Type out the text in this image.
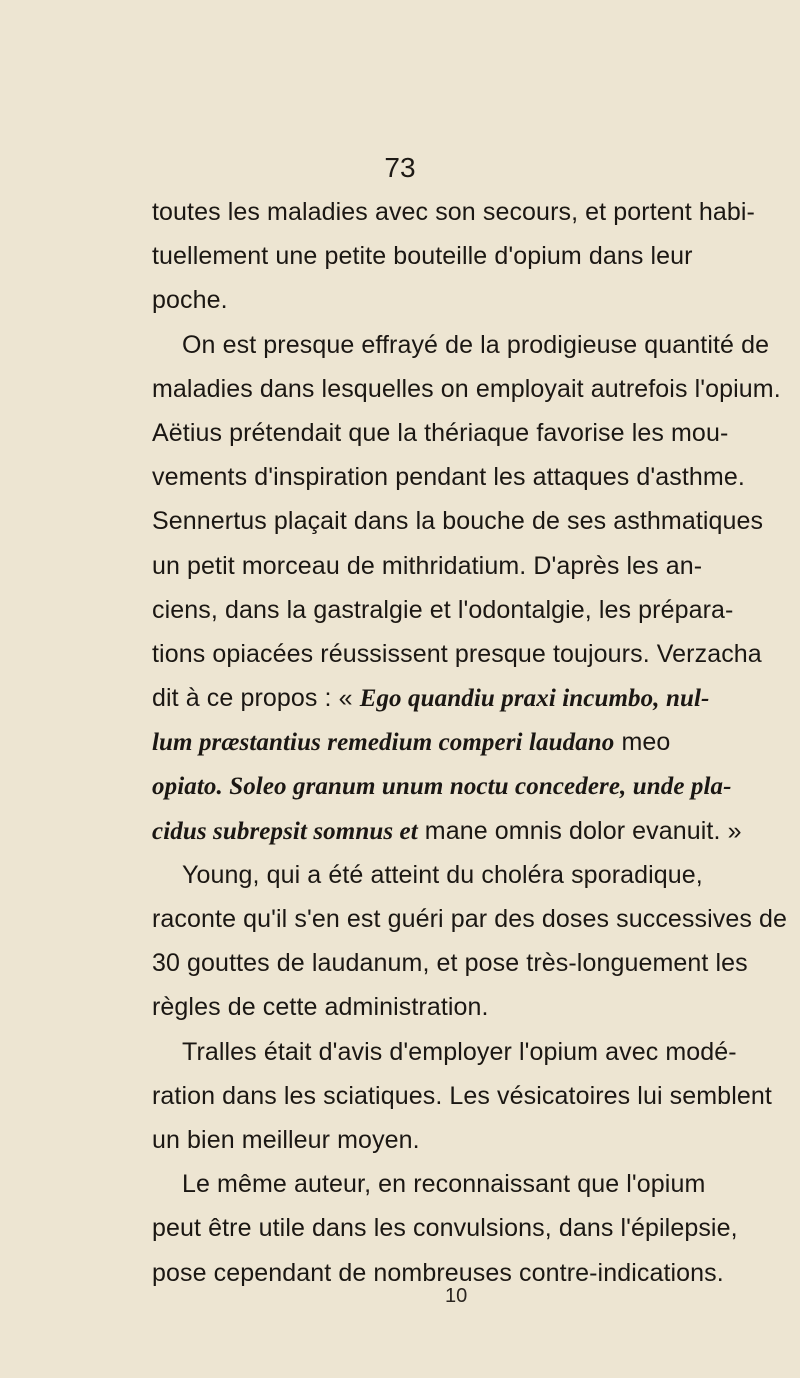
73
toutes les maladies avec son secours, et portent habi-
tuellement une petite bouteille d'opium dans leur
poche.
On est presque effrayé de la prodigieuse quantité de
maladies dans lesquelles on employait autrefois l'opium.
Aëtius prétendait que la thériaque favorise les mou-
vements d'inspiration pendant les attaques d'asthme.
Sennertus plaçait dans la bouche de ses asthmatiques
un petit morceau de mithridatium. D'après les an-
ciens, dans la gastralgie et l'odontalgie, les prépara-
tions opiacées réussissent presque toujours. Verzacha
dit à ce propos : « Ego quandiu praxi incumbo, nul-
lum præstantius remedium comperi laudano meo
opiato. Soleo granum unum noctu concedere, unde pla-
cidus subrepsit somnus et mane omnis dolor evanuit. »
Young, qui a été atteint du choléra sporadique,
raconte qu'il s'en est guéri par des doses successives de
30 gouttes de laudanum, et pose très-longuement les
règles de cette administration.
Tralles était d'avis d'employer l'opium avec modé-
ration dans les sciatiques. Les vésicatoires lui semblent
un bien meilleur moyen.
Le même auteur, en reconnaissant que l'opium
peut être utile dans les convulsions, dans l'épilepsie,
pose cependant de nombreuses contre-indications.
10
